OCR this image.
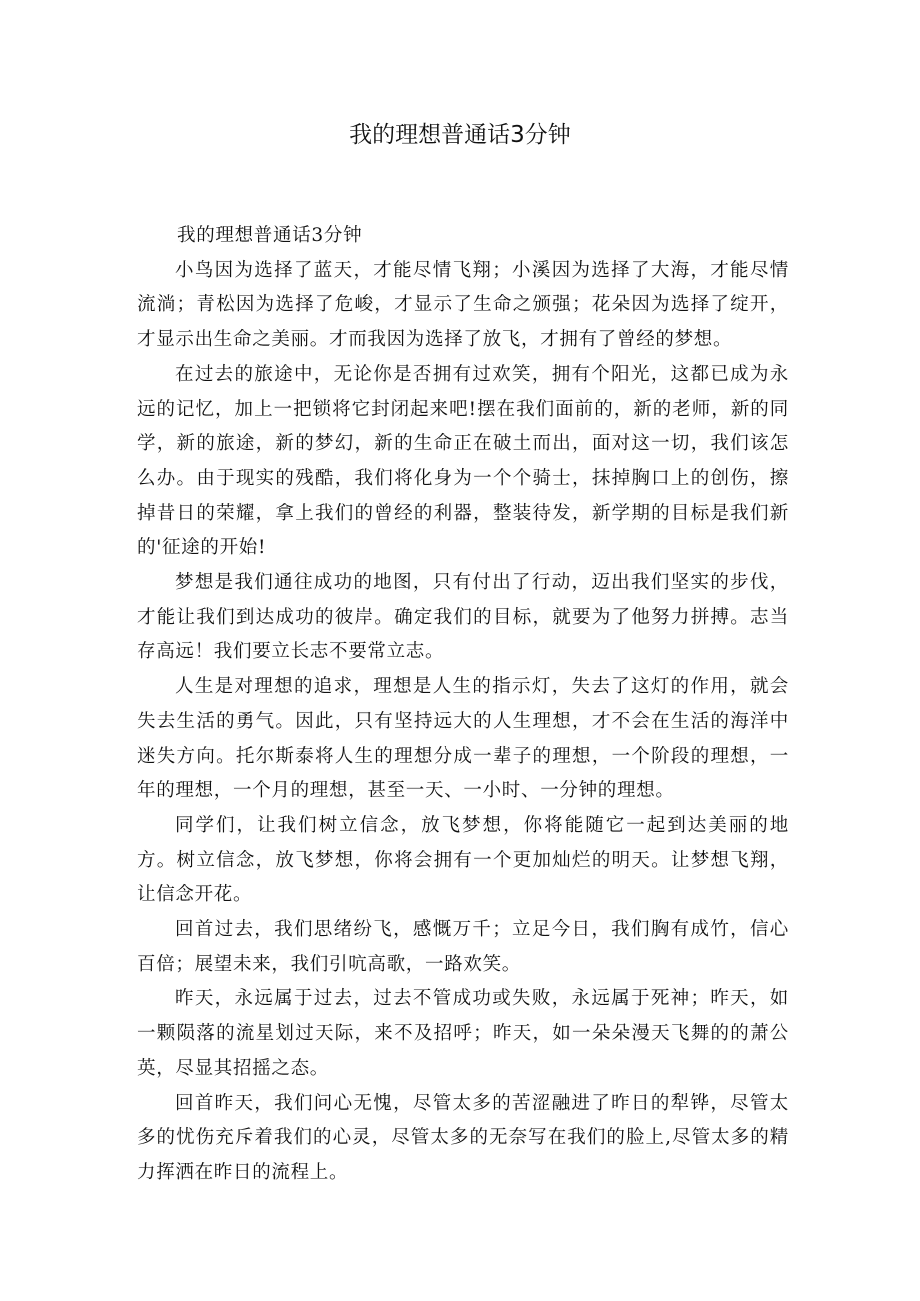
我的理想普通话3分钟

我的理想普通话3分钟

小鸟因为选择了蓝天，才能尽情飞翔；小溪因为选择了大海，才能尽情流淌；青松因为选择了危峻，才显示了生命之颁强；花朵因为选择了绽开，才显示出生命之美丽。才而我因为选择了放飞，才拥有了曾经的梦想。

在过去的旅途中，无论你是否拥有过欢笑，拥有个阳光，这都已成为永远的记忆，加上一把锁将它封闭起来吧!摆在我们面前的，新的老师，新的同学，新的旅途，新的梦幻，新的生命正在破土而出，面对这一切，我们该怎么办。由于现实的残酷，我们将化身为一个个骑士，抹掉胸口上的创伤，擦掉昔日的荣耀，拿上我们的曾经的利器，整装待发，新学期的目标是我们新的'征途的开始!

梦想是我们通往成功的地图，只有付出了行动，迈出我们坚实的步伐，才能让我们到达成功的彼岸。确定我们的目标，就要为了他努力拼搏。志当存高远！我们要立长志不要常立志。

人生是对理想的追求，理想是人生的指示灯，失去了这灯的作用，就会失去生活的勇气。因此，只有坚持远大的人生理想，才不会在生活的海洋中迷失方向。托尔斯泰将人生的理想分成一辈子的理想，一个阶段的理想，一年的理想，一个月的理想，甚至一天、一小时、一分钟的理想。

同学们，让我们树立信念，放飞梦想，你将能随它一起到达美丽的地方。树立信念，放飞梦想，你将会拥有一个更加灿烂的明天。让梦想飞翔，让信念开花。

回首过去，我们思绪纷飞，感慨万千；立足今日，我们胸有成竹，信心百倍；展望未来，我们引吭高歌，一路欢笑。

昨天，永远属于过去，过去不管成功或失败，永远属于死神；昨天，如一颗陨落的流星划过天际，来不及招呼；昨天，如一朵朵漫天飞舞的的萧公英，尽显其招摇之态。

回首昨天，我们问心无愧，尽管太多的苦涩融进了昨日的犁铧，尽管太多的忧伤充斥着我们的心灵，尽管太多的无奈写在我们的脸上,尽管太多的精力挥洒在昨日的流程上。
